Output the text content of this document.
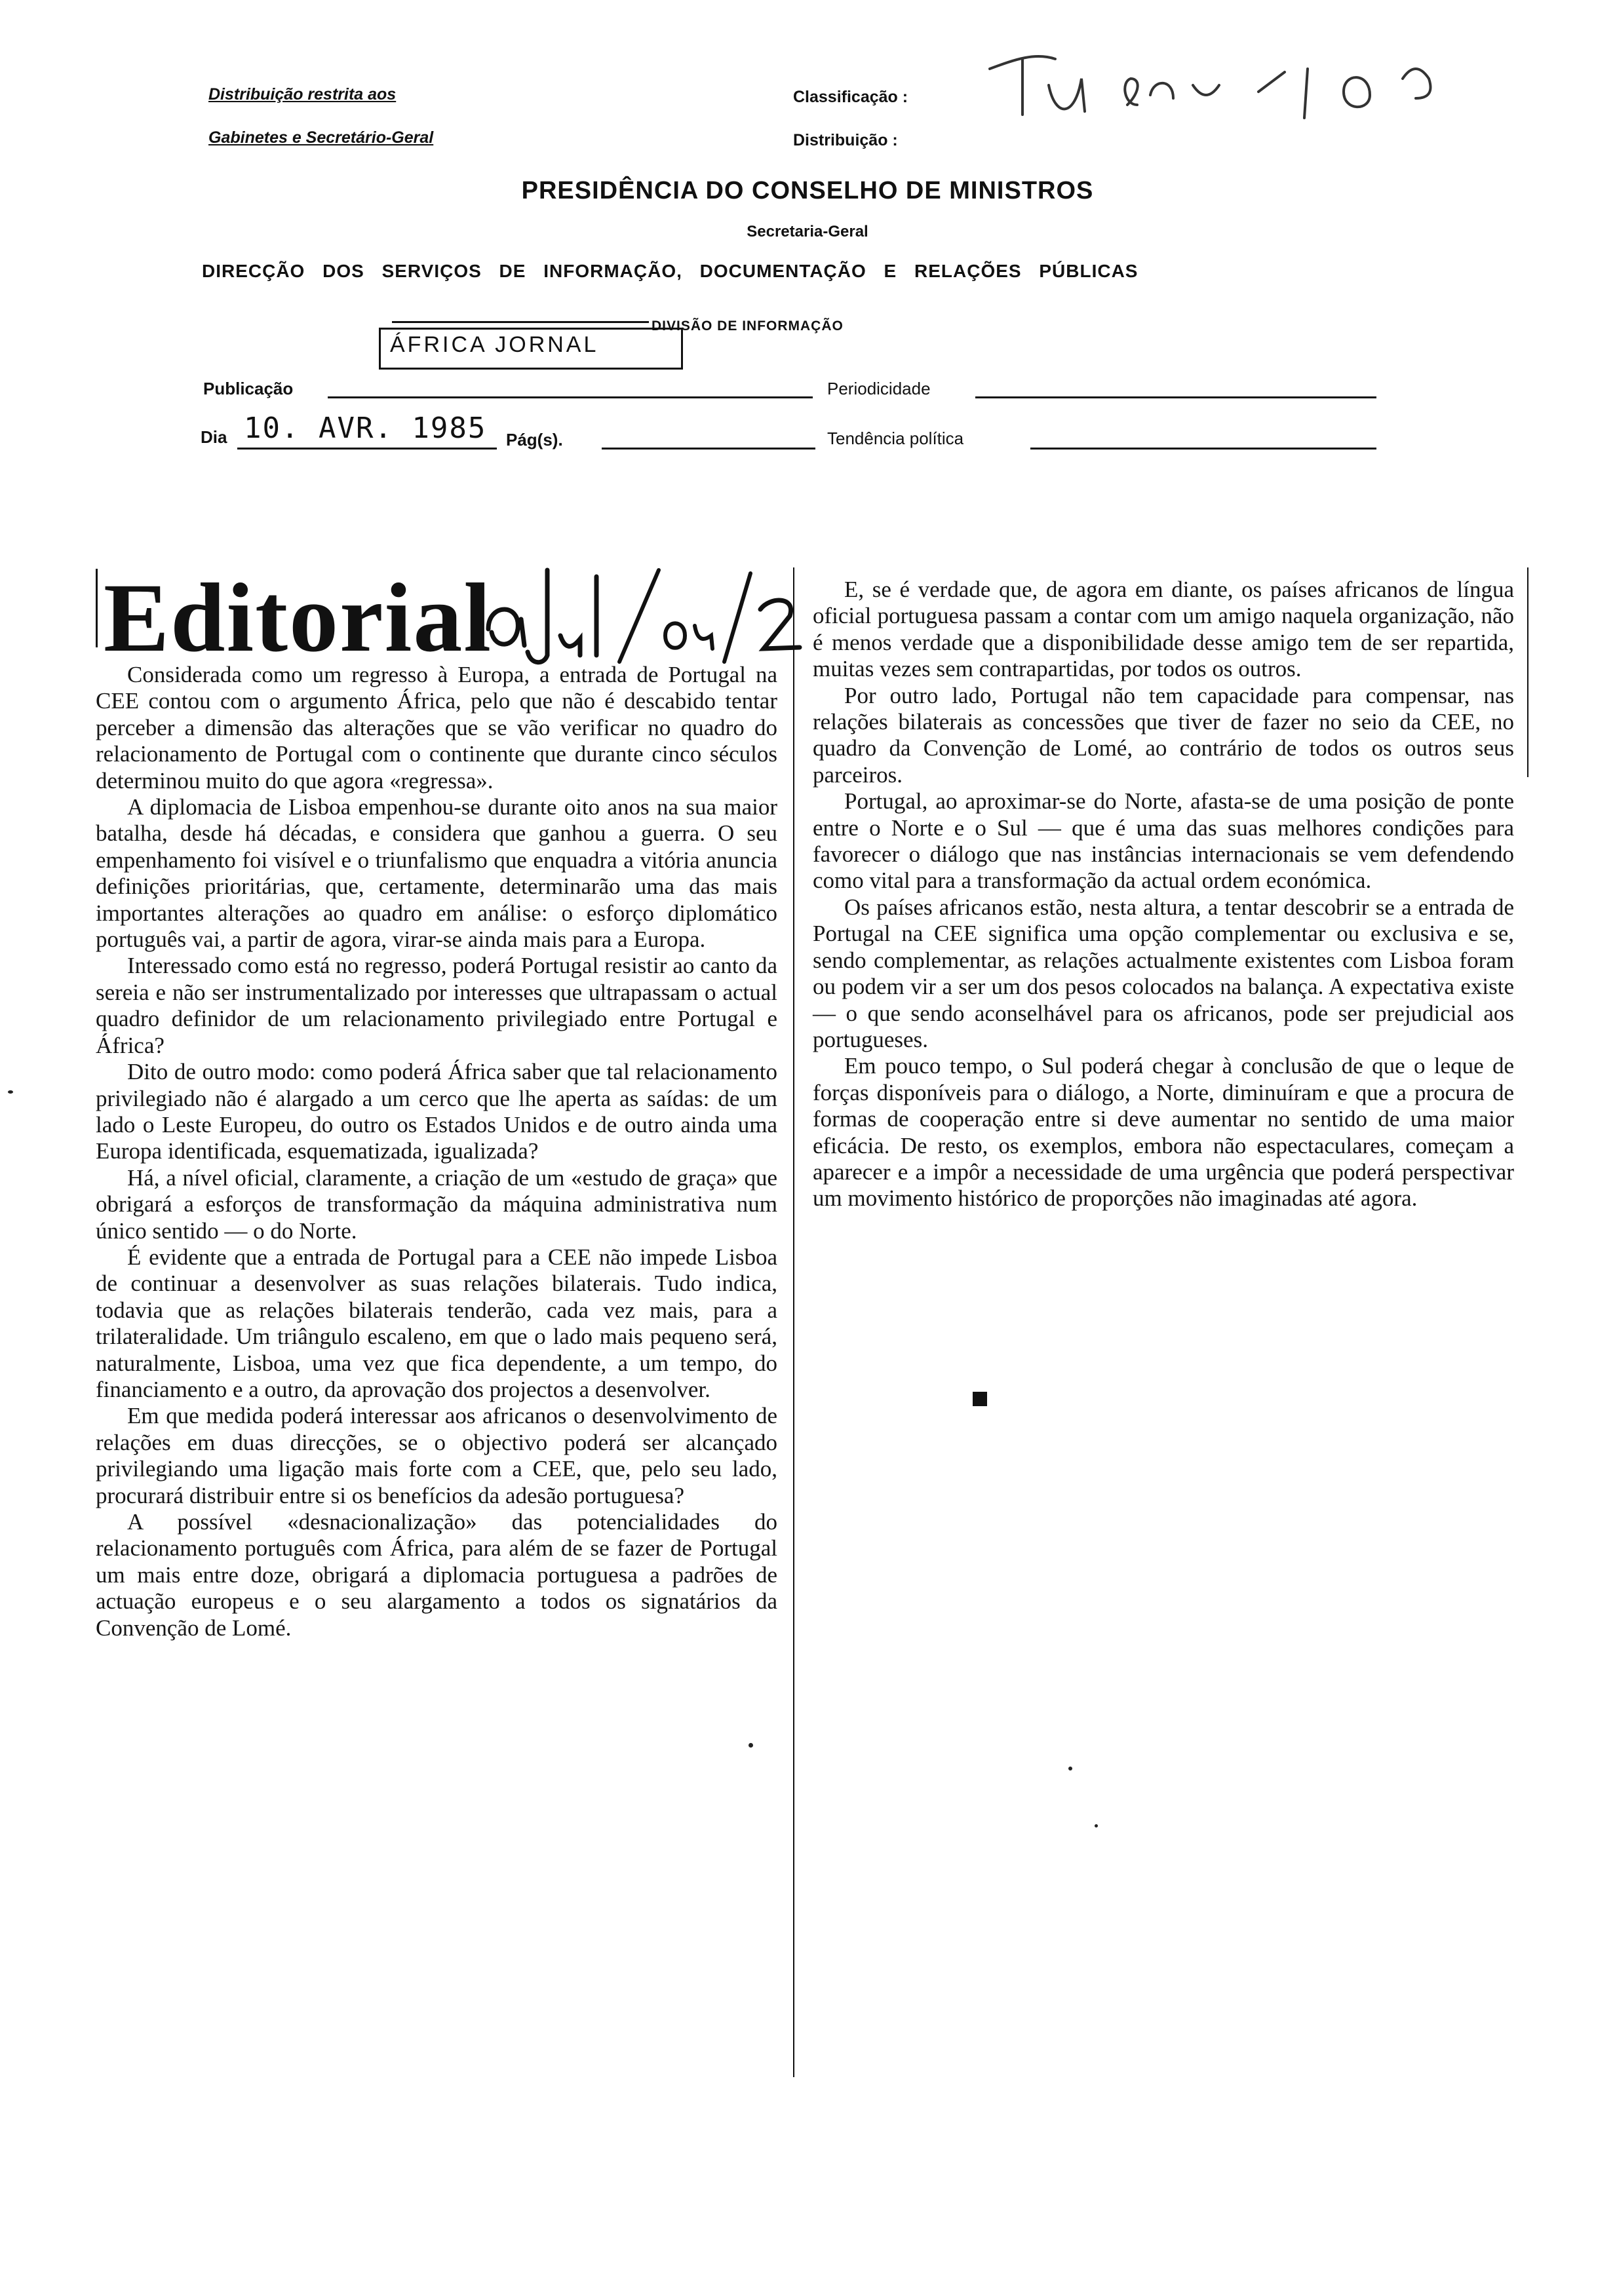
Distribuição restrita aos
Gabinetes e Secretário-Geral
Classificação :
Distribuição :
PRESIDÊNCIA DO CONSELHO DE MINISTROS
Secretaria-Geral
DIRECÇÃO DOS SERVIÇOS DE INFORMAÇÃO, DOCUMENTAÇÃO E RELAÇÕES PÚBLICAS
DIVISÃO DE INFORMAÇÃO
ÁFRICA JORNAL
Publicação	Periodicidade
Dia 10. AVR. 1985 Pág(s).	Tendência política
Editorial

Considerada como um regresso à Europa, a entrada de Portugal na CEE contou com o argumento África, pelo que não é descabido tentar perceber a dimensão das alterações que se vão verificar no quadro do relacionamento de Portugal com o continente que durante cinco séculos determinou muito do que agora «regressa».

A diplomacia de Lisboa empenhou-se durante oito anos na sua maior batalha, desde há décadas, e considera que ganhou a guerra. O seu empenhamento foi visível e o triunfalismo que enquadra a vitória anuncia definições prioritárias, que, certamente, determinarão uma das mais importantes alterações ao quadro em análise: o esforço diplomático português vai, a partir de agora, virar-se ainda mais para a Europa.

Interessado como está no regresso, poderá Portugal resistir ao canto da sereia e não ser instrumentalizado por interesses que ultrapassam o actual quadro definidor de um relacionamento privilegiado entre Portugal e África?

Dito de outro modo: como poderá África saber que tal relacionamento privilegiado não é alargado a um cerco que lhe aperta as saídas: de um lado o Leste Europeu, do outro os Estados Unidos e de outro ainda uma Europa identificada, esquematizada, igualizada?

Há, a nível oficial, claramente, a criação de um «estudo de graça» que obrigará a esforços de transformação da máquina administrativa num único sentido — o do Norte.

É evidente que a entrada de Portugal para a CEE não impede Lisboa de continuar a desenvolver as suas relações bilaterais. Tudo indica, todavia que as relações bilaterais tenderão, cada vez mais, para a trilateralidade. Um triângulo escaleno, em que o lado mais pequeno será, naturalmente, Lisboa, uma vez que fica dependente, a um tempo, do financiamento e a outro, da aprovação dos projectos a desenvolver.

Em que medida poderá interessar aos africanos o desenvolvimento de relações em duas direcções, se o objectivo poderá ser alcançado privilegiando uma ligação mais forte com a CEE, que, pelo seu lado, procurará distribuir entre si os benefícios da adesão portuguesa?

A possível «desnacionalização» das potencialidades do relacionamento português com África, para além de se fazer de Portugal um mais entre doze, obrigará a diplomacia portuguesa a padrões de actuação europeus e o seu alargamento a todos os signatários da Convenção de Lomé.

E, se é verdade que, de agora em diante, os países africanos de língua oficial portuguesa passam a contar com um amigo naquela organização, não é menos verdade que a disponibilidade desse amigo tem de ser repartida, muitas vezes sem contrapartidas, por todos os outros.

Por outro lado, Portugal não tem capacidade para compensar, nas relações bilaterais as concessões que tiver de fazer no seio da CEE, no quadro da Convenção de Lomé, ao contrário de todos os outros seus parceiros.

Portugal, ao aproximar-se do Norte, afasta-se de uma posição de ponte entre o Norte e o Sul — que é uma das suas melhores condições para favorecer o diálogo que nas instâncias internacionais se vem defendendo como vital para a transformação da actual ordem económica.

Os países africanos estão, nesta altura, a tentar descobrir se a entrada de Portugal na CEE significa uma opção complementar ou exclusiva e se, sendo complementar, as relações actualmente existentes com Lisboa foram ou podem vir a ser um dos pesos colocados na balança. A expectativa existe — o que sendo aconselhável para os africanos, pode ser prejudicial aos portugueses.

Em pouco tempo, o Sul poderá chegar à conclusão de que o leque de forças disponíveis para o diálogo, a Norte, diminuíram e que a procura de formas de cooperação entre si deve aumentar no sentido de uma maior eficácia. De resto, os exemplos, embora não espectaculares, começam a aparecer e a impôr a necessidade de uma urgência que poderá perspectivar um movimento histórico de proporções não imaginadas até agora.
